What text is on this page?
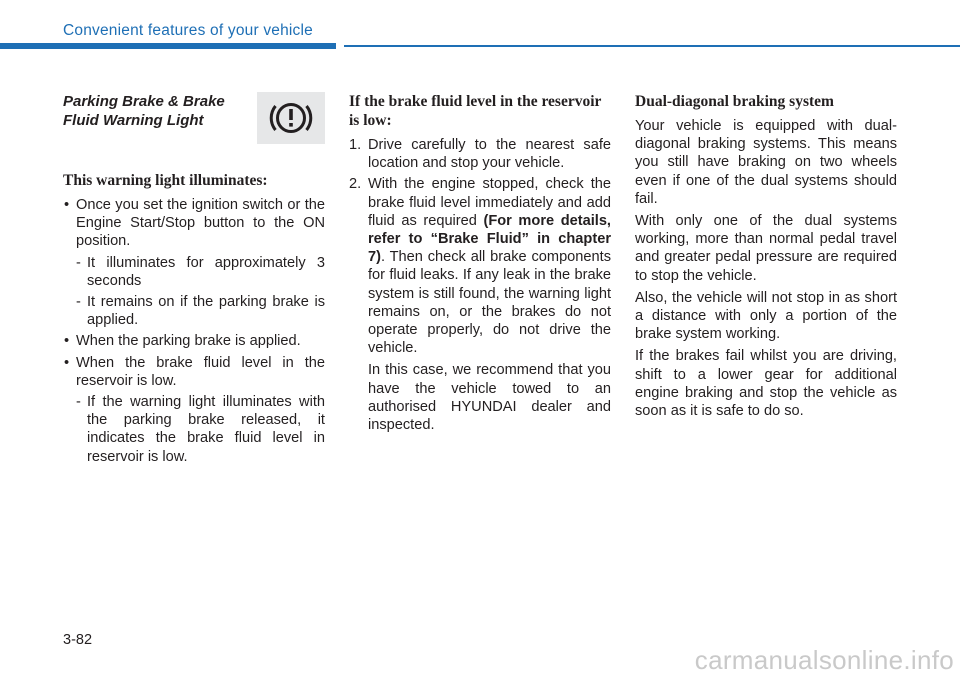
Convenient features of your vehicle
Parking Brake & Brake Fluid Warning Light
This warning light illuminates:
• Once you set the ignition switch or the Engine Start/Stop button to the ON position.
- It illuminates for approximately 3 seconds
- It remains on if the parking brake is applied.
• When the parking brake is applied.
• When the brake fluid level in the reservoir is low.
- If the warning light illuminates with the parking brake released, it indicates the brake fluid level in reservoir is low.
If the brake fluid level in the reservoir is low:
1. Drive carefully to the nearest safe location and stop your vehicle.
2. With the engine stopped, check the brake fluid level immediately and add fluid as required (For more details, refer to “Brake Fluid” in chapter 7). Then check all brake components for fluid leaks. If any leak in the brake system is still found, the warning light remains on, or the brakes do not operate properly, do not drive the vehicle.
In this case, we recommend that you have the vehicle towed to an authorised HYUNDAI dealer and inspected.
Dual-diagonal braking system
Your vehicle is equipped with dual-diagonal braking systems. This means you still have braking on two wheels even if one of the dual systems should fail.
With only one of the dual systems working, more than normal pedal travel and greater pedal pressure are required to stop the vehicle.
Also, the vehicle will not stop in as short a distance with only a portion of the brake system working.
If the brakes fail whilst you are driving, shift to a lower gear for additional engine braking and stop the vehicle as soon as it is safe to do so.
3-82
carmanualsonline.info
